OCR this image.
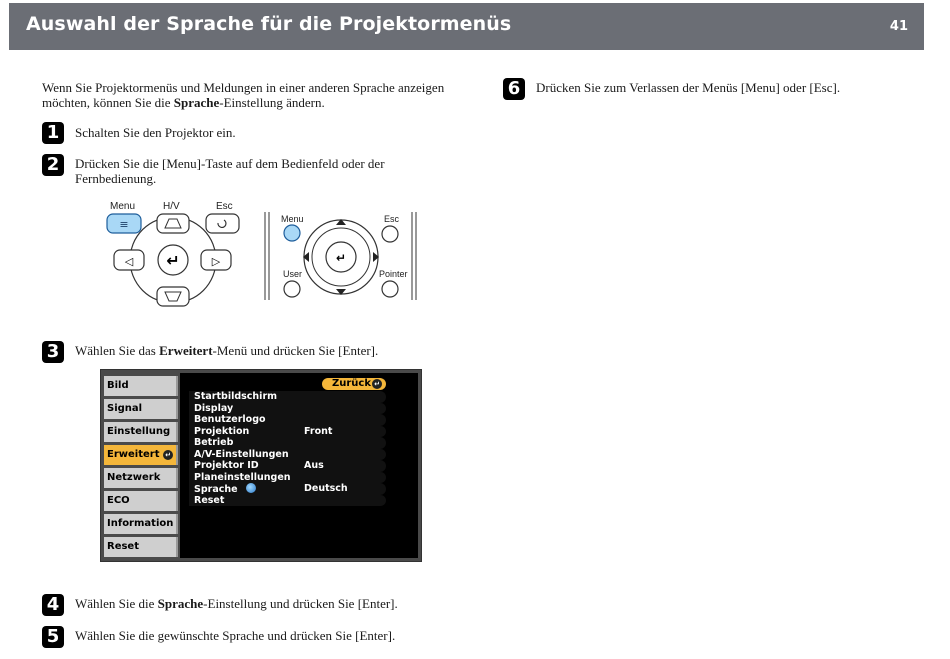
Auswahl der Sprache für die Projektormenüs	41
Wenn Sie Projektormenüs und Meldungen in einer anderen Sprache anzeigen
möchten, können Sie die Sprache-Einstellung ändern.
1	Schalten Sie den Projektor ein.
2	Drücken Sie die [Menu]-Taste auf dem Bedienfeld oder der
Fernbedienung.
Menu	H/V	Esc
≡
◁ ↵	▷
Menu	Esc
User	Pointer
↵
3	Wählen Sie das Erweitert-Menü und drücken Sie [Enter].
Bild
Signal
Einstellung
Erweitert ↵
Netzwerk
ECO
Information
Reset
Zurück ↵
Startbildschirm
Display
Benutzerlogo
Projektion	Front
Betrieb
A/V-Einstellungen
Projektor ID	Aus
Planeinstellungen
Sprache	Deutsch
Reset
4	Wählen Sie die Sprache-Einstellung und drücken Sie [Enter].
5	Wählen Sie die gewünschte Sprache und drücken Sie [Enter].
6	Drücken Sie zum Verlassen der Menüs [Menu] oder [Esc].
